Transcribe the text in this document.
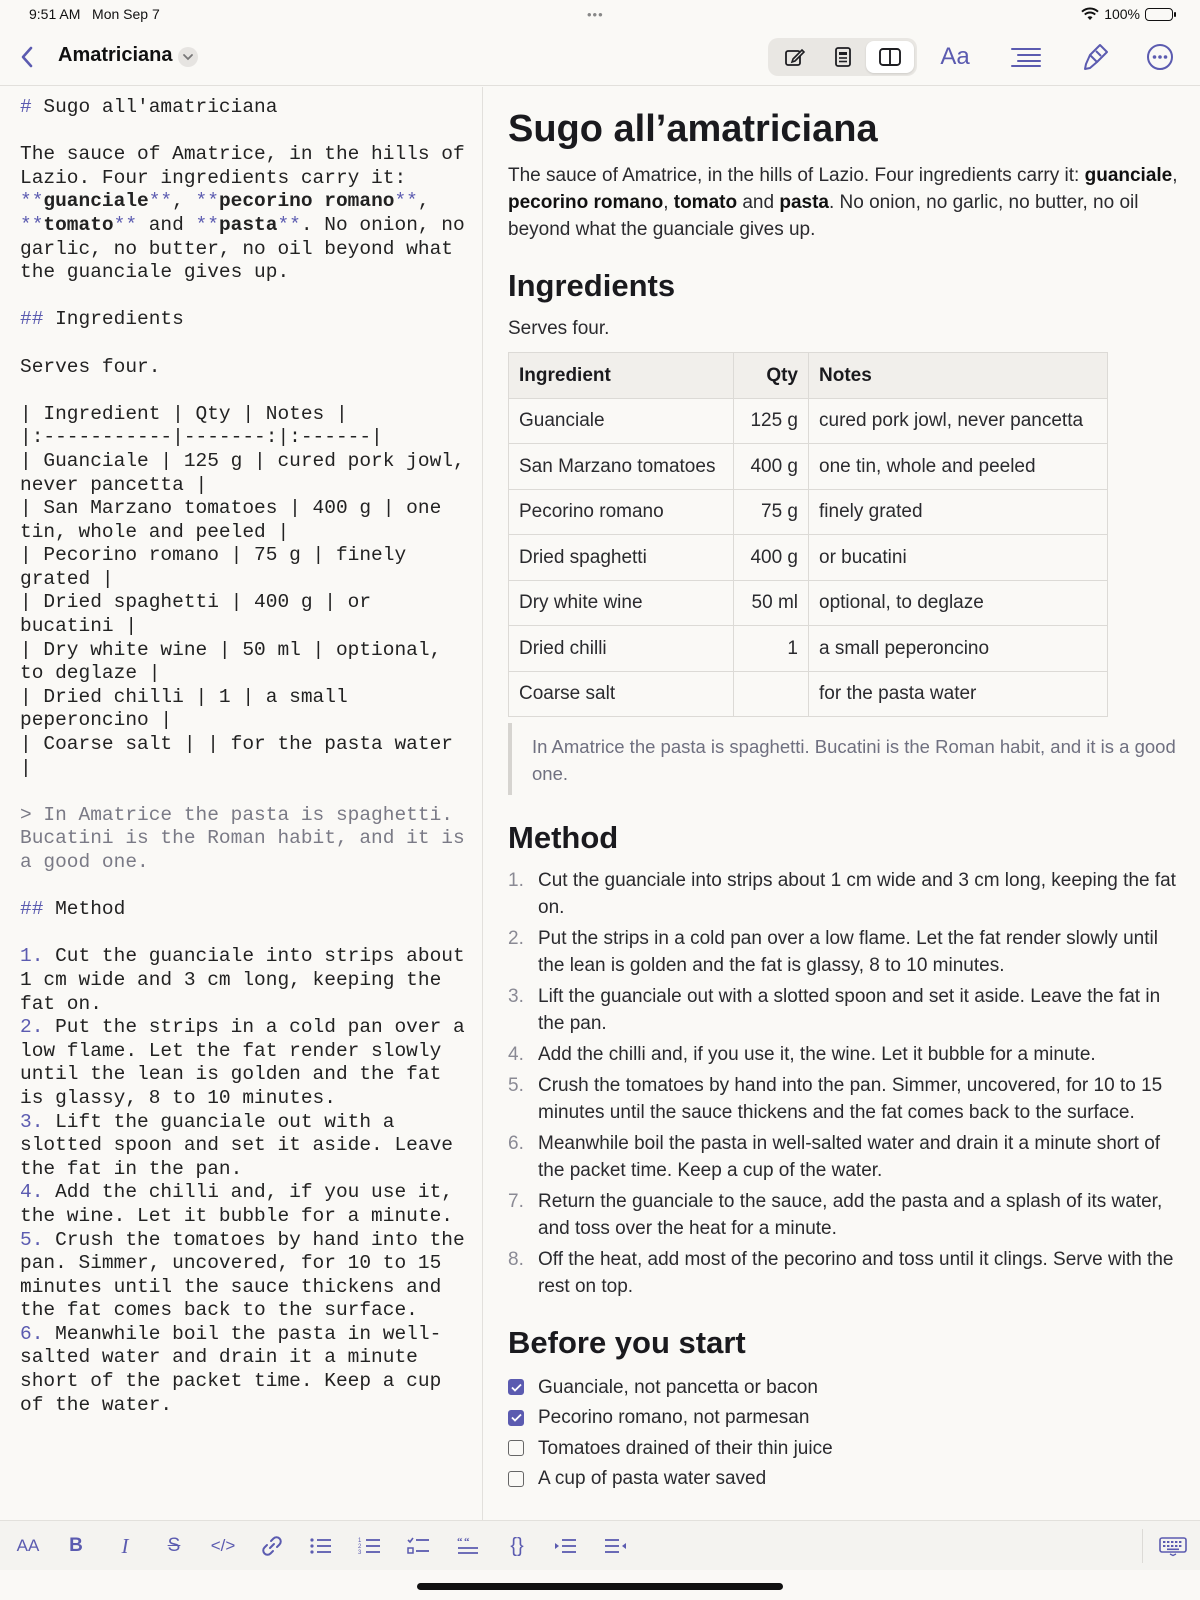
9:51 AM Mon Sep 7	•••	100%
Amatriciana	Aa
# Sugo all'amatriciana
The sauce of Amatrice, in the hills of Lazio. Four ingredients carry it: **guanciale**, **pecorino romano**, **tomato** and **pasta**. No onion, no garlic, no butter, no oil beyond what the guanciale gives up.
## Ingredients
Serves four.
| Ingredient | Qty | Notes |
|:-----------|-------:|:------|
| Guanciale | 125 g | cured pork jowl, never pancetta |
| San Marzano tomatoes | 400 g | one tin, whole and peeled |
| Pecorino romano | 75 g | finely grated |
| Dried spaghetti | 400 g | or bucatini |
| Dry white wine | 50 ml | optional, to deglaze |
| Dried chilli | 1 | a small peperoncino |
| Coarse salt | | for the pasta water |
> In Amatrice the pasta is spaghetti. Bucatini is the Roman habit, and it is a good one.
## Method
1. Cut the guanciale into strips about 1 cm wide and 3 cm long, keeping the fat on.
2. Put the strips in a cold pan over a low flame. Let the fat render slowly until the lean is golden and the fat is glassy, 8 to 10 minutes.
3. Lift the guanciale out with a slotted spoon and set it aside. Leave the fat in the pan.
4. Add the chilli and, if you use it, the wine. Let it bubble for a minute.
5. Crush the tomatoes by hand into the pan. Simmer, uncovered, for 10 to 15 minutes until the sauce thickens and the fat comes back to the surface.
6. Meanwhile boil the pasta in well-salted water and drain it a minute short of the packet time. Keep a cup of the water.
Sugo all’amatriciana

The sauce of Amatrice, in the hills of Lazio. Four ingredients carry it: guanciale, pecorino romano, tomato and pasta. No onion, no garlic, no butter, no oil beyond what the guanciale gives up.

Ingredients

Serves four.

Ingredient	Qty	Notes
Guanciale	125 g	cured pork jowl, never pancetta
San Marzano tomatoes	400 g	one tin, whole and peeled
Pecorino romano	75 g	finely grated
Dried spaghetti	400 g	or bucatini
Dry white wine	50 ml	optional, to deglaze
Dried chilli	1	a small peperoncino
Coarse salt		for the pasta water
In Amatrice the pasta is spaghetti. Bucatini is the Roman habit, and it is a good one.
Method
1. Cut the guanciale into strips about 1 cm wide and 3 cm long, keeping the fat on.
2. Put the strips in a cold pan over a low flame. Let the fat render slowly until the lean is golden and the fat is glassy, 8 to 10 minutes.
3. Lift the guanciale out with a slotted spoon and set it aside. Leave the fat in the pan.
4. Add the chilli and, if you use it, the wine. Let it bubble for a minute.
5. Crush the tomatoes by hand into the pan. Simmer, uncovered, for 10 to 15 minutes until the sauce thickens and the fat comes back to the surface.
6. Meanwhile boil the pasta in well-salted water and drain it a minute short of the packet time. Keep a cup of the water.
7. Return the guanciale to the sauce, add the pasta and a splash of its water, and toss over the heat for a minute.
8. Off the heat, add most of the pecorino and toss until it clings. Serve with the rest on top.
Before you start
Guanciale, not pancetta or bacon
Pecorino romano, not parmesan
Tomatoes drained of their thin juice
A cup of pasta water saved
AA B I S </>	1
2
3
“ “ {}
